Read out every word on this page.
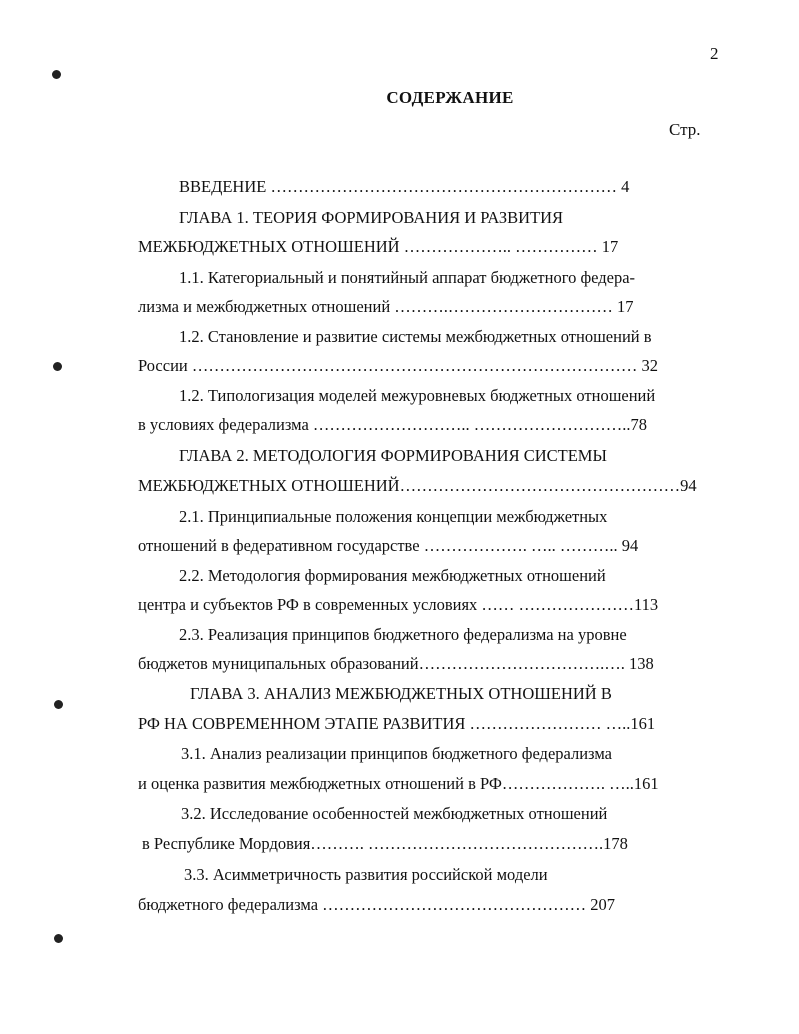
2
СОДЕРЖАНИЕ
Стр.
ВВЕДЕНИЕ ……………………………………………………… 4
ГЛАВА 1. ТЕОРИЯ ФОРМИРОВАНИЯ И РАЗВИТИЯ
МЕЖБЮДЖЕТНЫХ ОТНОШЕНИЙ ……………….. …………… 17
1.1. Категориальный и понятийный аппарат бюджетного федера-
лизма и межбюджетных отношений ……….………………………… 17
1.2. Становление и развитие системы межбюджетных отношений в
России ……………………………………………………………………… 32
1.2. Типологизация моделей межуровневых бюджетных отношений
в условиях федерализма ……………………….. ………………………..78
ГЛАВА 2. МЕТОДОЛОГИЯ ФОРМИРОВАНИЯ СИСТЕМЫ
МЕЖБЮДЖЕТНЫХ ОТНОШЕНИЙ……………………………………………94
2.1. Принципиальные положения концепции межбюджетных
отношений в федеративном государстве ………………. ….. ……….. 94
2.2. Методология формирования межбюджетных отношений
центра и субъектов РФ в современных условиях …… …………………113
2.3. Реализация принципов бюджетного федерализма на уровне
бюджетов муниципальных образований…………………………….…. 138
ГЛАВА 3. АНАЛИЗ МЕЖБЮДЖЕТНЫХ ОТНОШЕНИЙ В
РФ НА СОВРЕМЕННОМ ЭТАПЕ РАЗВИТИЯ …………………… …..161
3.1. Анализ реализации принципов бюджетного федерализма
и оценка развития межбюджетных отношений в РФ………………. …..161
3.2. Исследование особенностей межбюджетных отношений
в Республике Мордовия………. …………………………………….178
3.3. Асимметричность развития российской модели
бюджетного федерализма ………………………………………… 207
